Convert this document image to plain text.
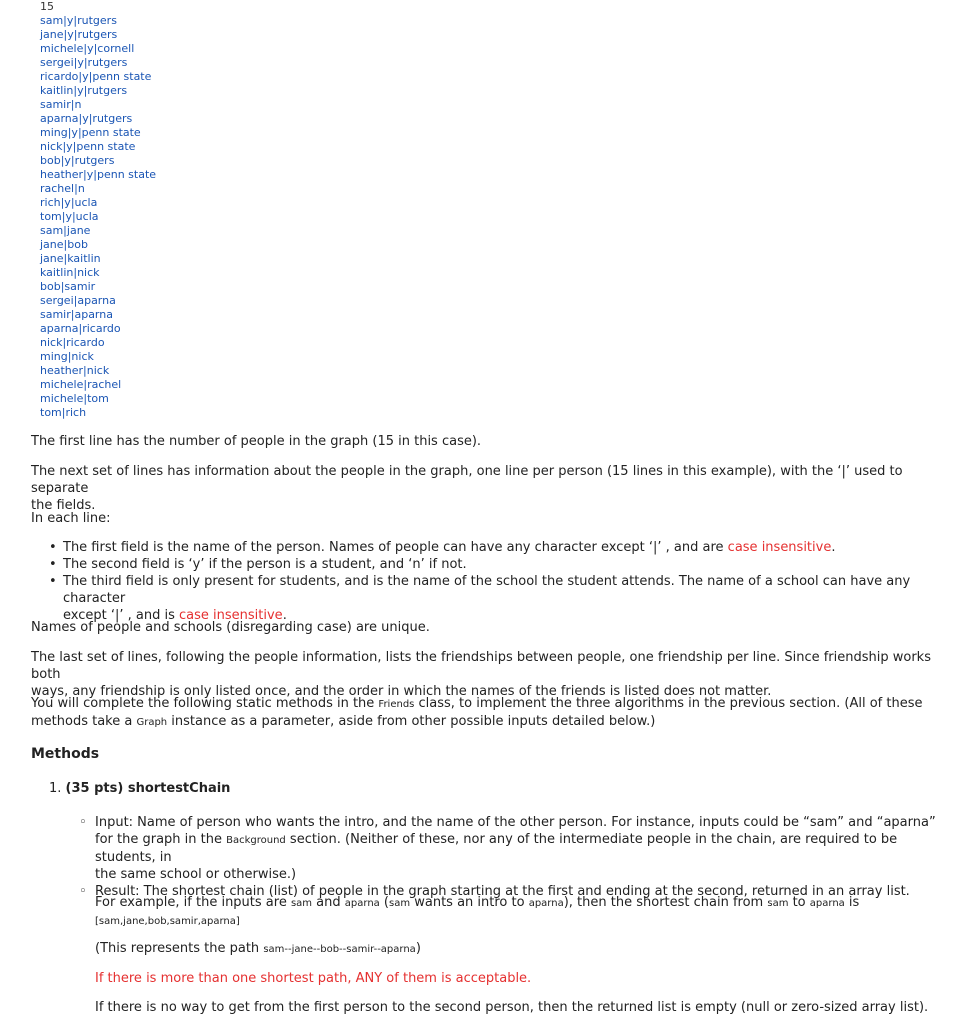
15
sam|y|rutgers
jane|y|rutgers
michele|y|cornell
sergei|y|rutgers
ricardo|y|penn state
kaitlin|y|rutgers
samir|n
aparna|y|rutgers
ming|y|penn state
nick|y|penn state
bob|y|rutgers
heather|y|penn state
rachel|n
rich|y|ucla
tom|y|ucla
sam|jane
jane|bob
jane|kaitlin
kaitlin|nick
bob|samir
sergei|aparna
samir|aparna
aparna|ricardo
nick|ricardo
ming|nick
heather|nick
michele|rachel
michele|tom
tom|rich

The first line has the number of people in the graph (15 in this case).

The next set of lines has information about the people in the graph, one line per person (15 lines in this example), with the ‘|’ used to separate
the fields.

In each line:

• The first field is the name of the person. Names of people can have any character except ‘|’ , and are case insensitive.
• The second field is ‘y’ if the person is a student, and ‘n’ if not.
• The third field is only present for students, and is the name of the school the student attends. The name of a school can have any character
except ‘|’ , and is case insensitive.

Names of people and schools (disregarding case) are unique.

The last set of lines, following the people information, lists the friendships between people, one friendship per line. Since friendship works both
ways, any friendship is only listed once, and the order in which the names of the friends is listed does not matter.

You will complete the following static methods in the Friends class, to implement the three algorithms in the previous section. (All of these
methods take a Graph instance as a parameter, aside from other possible inputs detailed below.)

Methods

1. (35 pts) shortestChain

◦ Input: Name of person who wants the intro, and the name of the other person. For instance, inputs could be “sam” and “aparna”
for the graph in the Background section. (Neither of these, nor any of the intermediate people in the chain, are required to be students, in
the same school or otherwise.)
◦ Result: The shortest chain (list) of people in the graph starting at the first and ending at the second, returned in an array list.

For example, if the inputs are sam and aparna (sam wants an intro to aparna), then the shortest chain from sam to aparna is
[sam,jane,bob,samir,aparna]

(This represents the path sam--jane--bob--samir--aparna)

If there is more than one shortest path, ANY of them is acceptable.

If there is no way to get from the first person to the second person, then the returned list is empty (null or zero-sized array list).
